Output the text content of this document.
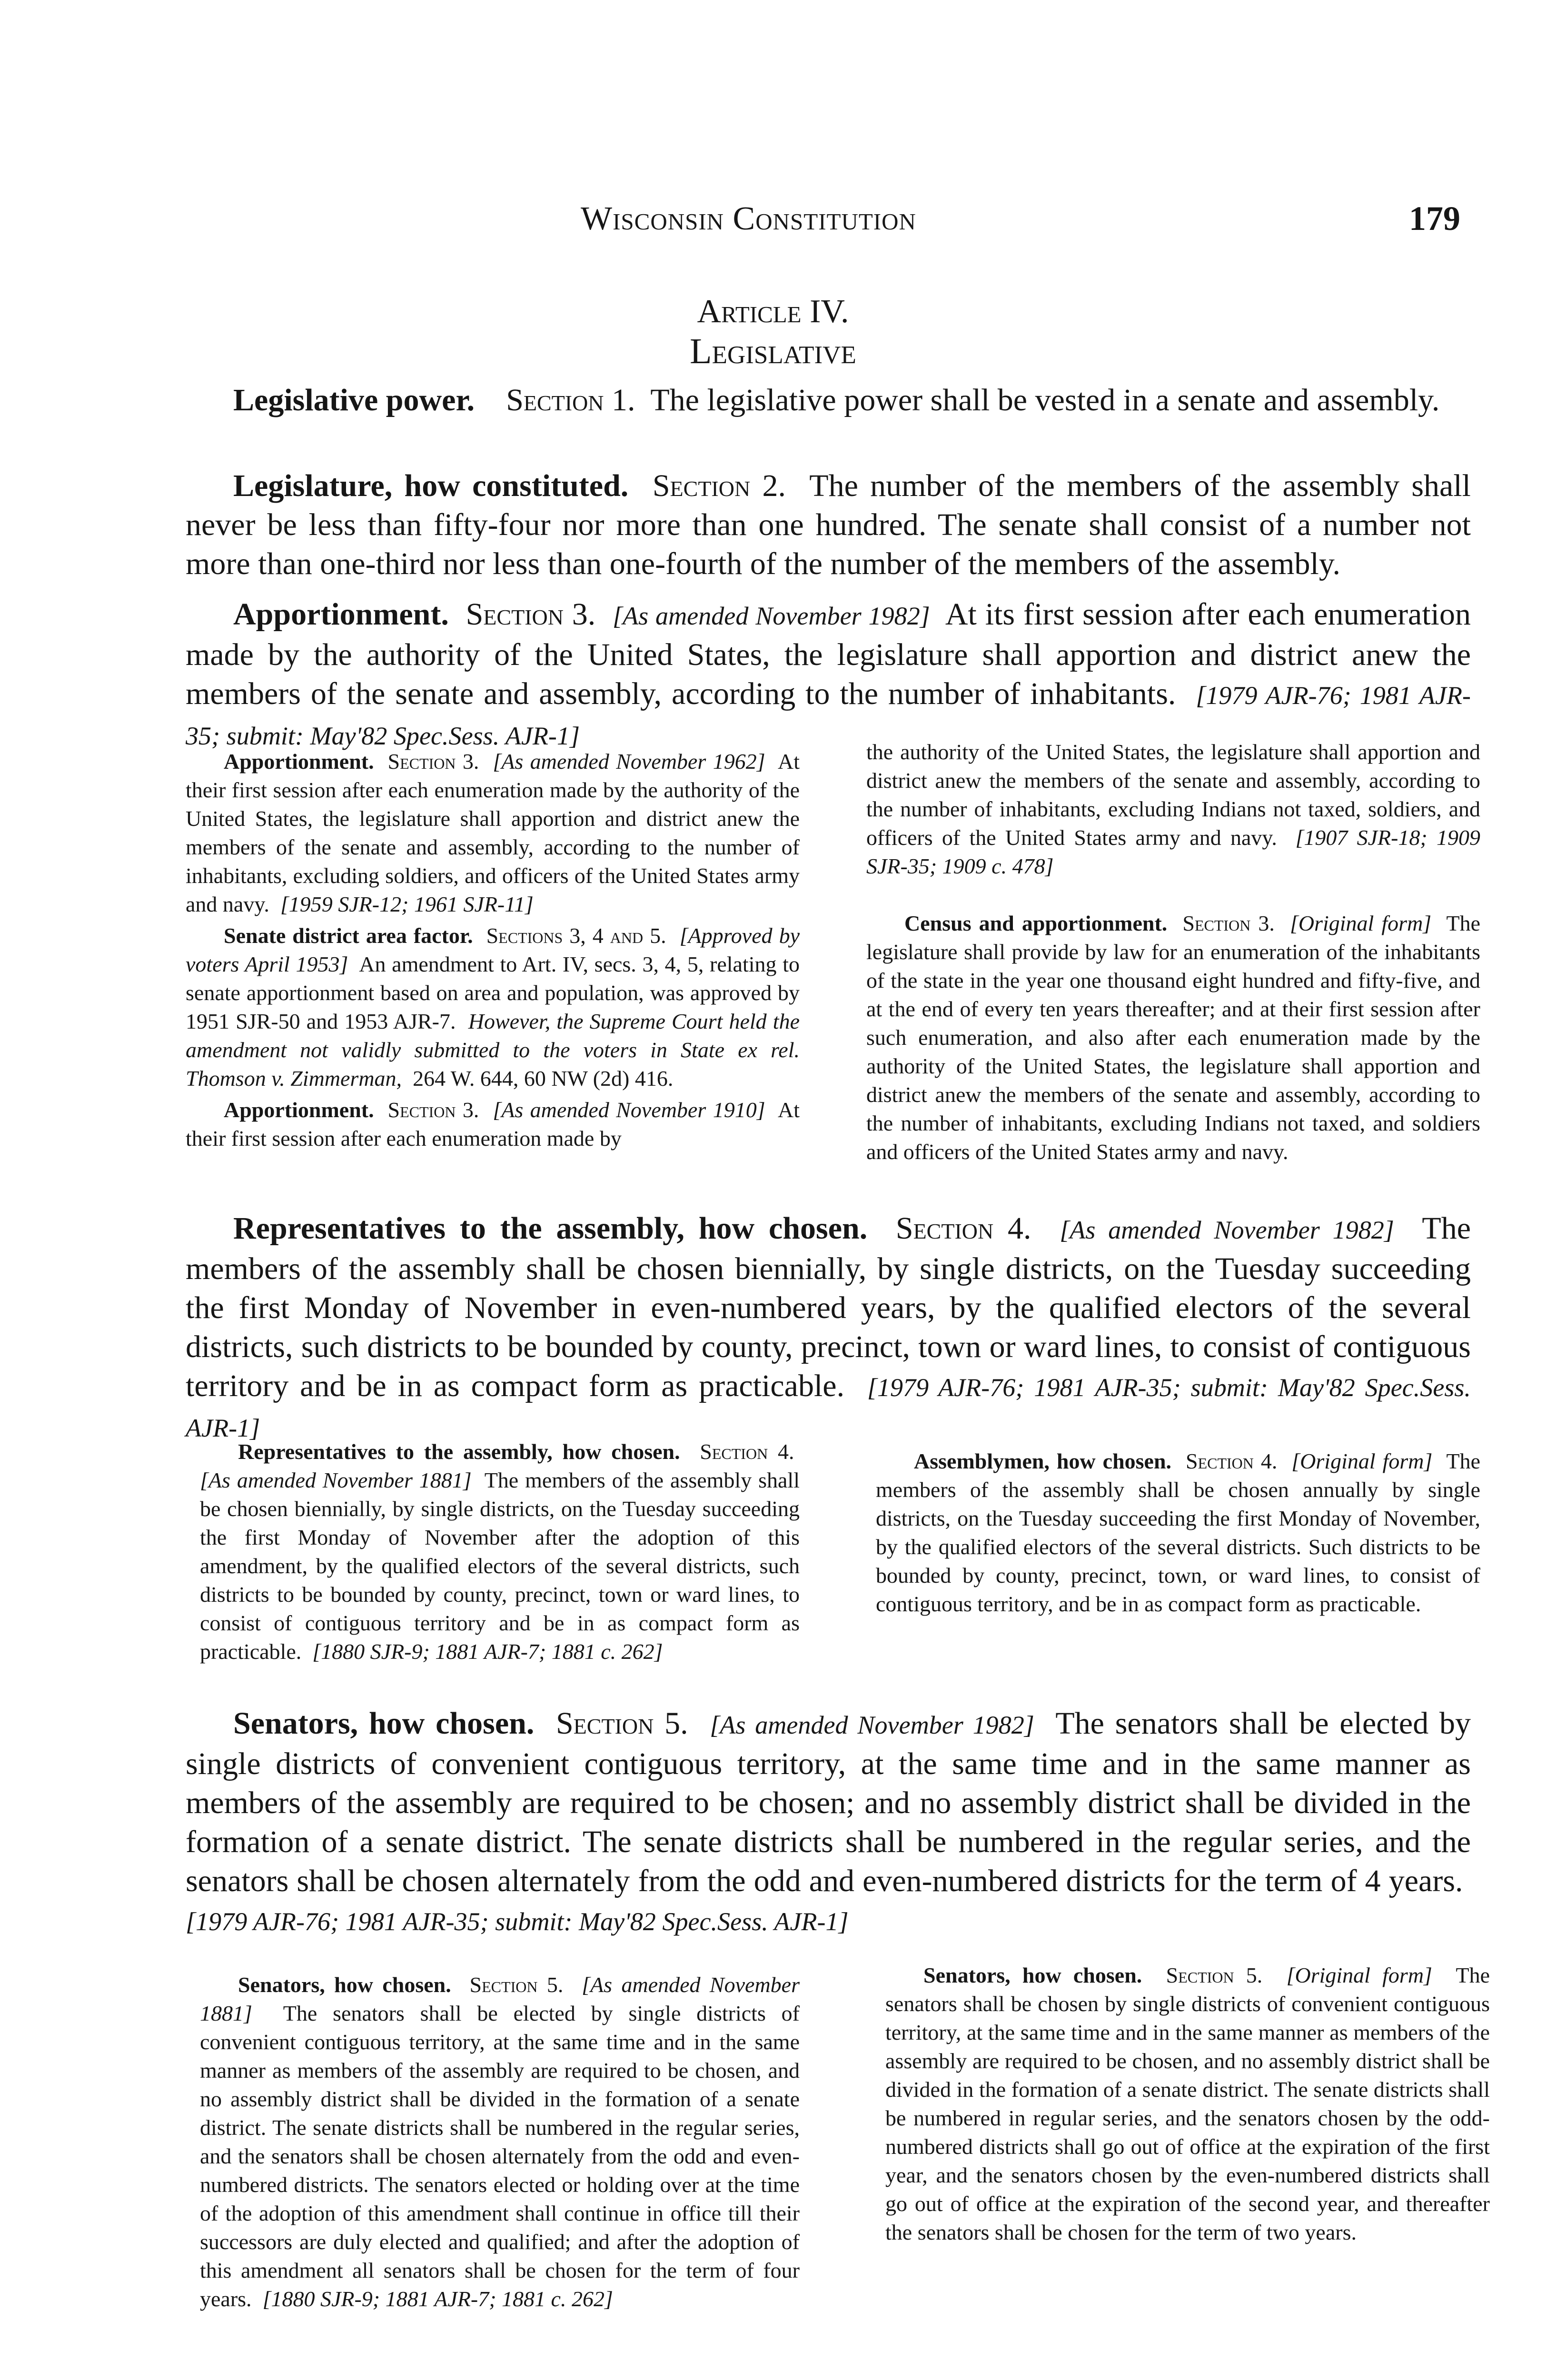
Wisconsin Constitution	179
Article IV.
Legislative

Legislative power. Section 1. The legislative power shall be vested in a senate and assembly.

Legislature, how constituted. Section 2. The number of the members of the assembly shall never be less than fifty-four nor more than one hundred. The senate shall consist of a number not more than one-third nor less than one-fourth of the number of the members of the assembly.

Apportionment. Section 3. [As amended November 1982] At its first session after each enumeration made by the authority of the United States, the legislature shall apportion and district anew the members of the senate and assembly, according to the number of inhabitants. [1979 AJR-76; 1981 AJR-35; submit: May'82 Spec.Sess. AJR-1]

Apportionment. Section 3. [As amended November 1962] At their first session after each enumeration made by the authority of the United States, the legislature shall apportion and district anew the members of the senate and assembly, according to the number of inhabitants, excluding soldiers, and officers of the United States army and navy. [1959 SJR-12; 1961 SJR-11]

Senate district area factor. Sections 3, 4 and 5. [Approved by voters April 1953] An amendment to Art. IV, secs. 3, 4, 5, relating to senate apportionment based on area and population, was approved by 1951 SJR-50 and 1953 AJR-7. However, the Supreme Court held the amendment not validly submitted to the voters in State ex rel. Thomson v. Zimmerman, 264 W. 644, 60 NW (2d) 416.

Apportionment. Section 3. [As amended November 1910] At their first session after each enumeration made by

the authority of the United States, the legislature shall apportion and district anew the members of the senate and assembly, according to the number of inhabitants, excluding Indians not taxed, soldiers, and officers of the United States army and navy. [1907 SJR-18; 1909 SJR-35; 1909 c. 478]

Census and apportionment. Section 3. [Original form] The legislature shall provide by law for an enumeration of the inhabitants of the state in the year one thousand eight hundred and fifty-five, and at the end of every ten years thereafter; and at their first session after such enumeration, and also after each enumeration made by the authority of the United States, the legislature shall apportion and district anew the members of the senate and assembly, according to the number of inhabitants, excluding Indians not taxed, and soldiers and officers of the United States army and navy.

Representatives to the assembly, how chosen. Section 4. [As amended November 1982] The members of the assembly shall be chosen biennially, by single districts, on the Tuesday succeeding the first Monday of November in even-numbered years, by the qualified electors of the several districts, such districts to be bounded by county, precinct, town or ward lines, to consist of contiguous territory and be in as compact form as practicable. [1979 AJR-76; 1981 AJR-35; submit: May'82 Spec.Sess. AJR-1]

Representatives to the assembly, how chosen. Section 4.  [As amended November 1881] The members of the assembly shall be chosen biennially, by single districts, on the Tuesday succeeding the first Monday of November after the adoption of this amendment, by the qualified electors of the several districts, such districts to be bounded by county, precinct, town or ward lines, to consist of contiguous territory and be in as compact form as practicable. [1880 SJR-9; 1881 AJR-7; 1881 c. 262]

Assemblymen, how chosen. Section 4. [Original form] The members of the assembly shall be chosen annually by single districts, on the Tuesday succeeding the first Monday of November, by the qualified electors of the several districts. Such districts to be bounded by county, precinct, town, or ward lines, to consist of contiguous territory, and be in as compact form as practicable.

Senators, how chosen. Section 5. [As amended November 1982] The senators shall be elected by single districts of convenient contiguous territory, at the same time and in the same manner as members of the assembly are required to be chosen; and no assembly district shall be divided in the formation of a senate district. The senate districts shall be numbered in the regular series, and the senators shall be chosen alternately from the odd and even-numbered districts for the term of 4 years.  [1979 AJR-76; 1981 AJR-35; submit: May'82 Spec.Sess. AJR-1]

Senators, how chosen. Section 5. [As amended November 1881] The senators shall be elected by single districts of convenient contiguous territory, at the same time and in the same manner as members of the assembly are required to be chosen, and no assembly district shall be divided in the formation of a senate district. The senate districts shall be numbered in the regular series, and the senators shall be chosen alternately from the odd and even-numbered districts. The senators elected or holding over at the time of the adoption of this amendment shall continue in office till their successors are duly elected and qualified; and after the adoption of this amendment all senators shall be chosen for the term of four years. [1880 SJR-9; 1881 AJR-7; 1881 c. 262]

Senators, how chosen. Section 5. [Original form] The senators shall be chosen by single districts of convenient contiguous territory, at the same time and in the same manner as members of the assembly are required to be chosen, and no assembly district shall be divided in the formation of a senate district. The senate districts shall be numbered in regular series, and the senators chosen by the odd-numbered districts shall go out of office at the expiration of the first year, and the senators chosen by the even-numbered districts shall go out of office at the expiration of the second year, and thereafter the senators shall be chosen for the term of two years.
